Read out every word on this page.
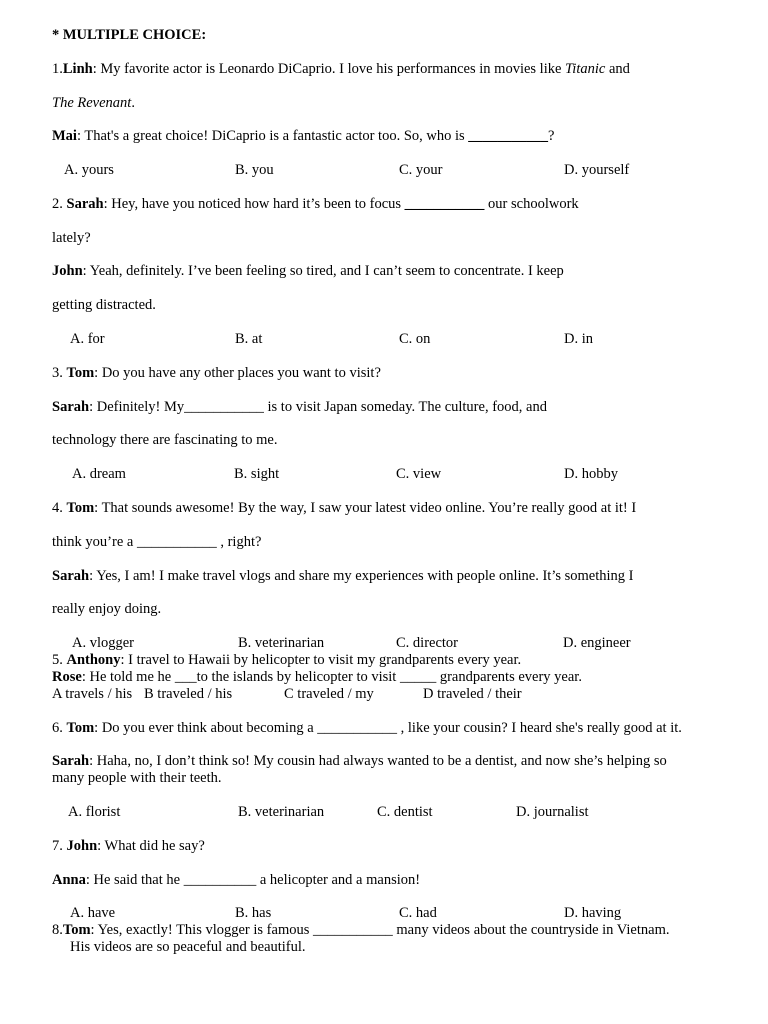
* MULTIPLE CHOICE:
1.Linh: My favorite actor is Leonardo DiCaprio. I love his performances in movies like Titanic and
The Revenant.
Mai: That's a great choice! DiCaprio is a fantastic actor too. So, who is ___________?
A. yours	B. you	C. your	D. yourself
2. Sarah: Hey, have you noticed how hard it’s been to focus ___________ our schoolwork
lately?
John: Yeah, definitely. I’ve been feeling so tired, and I can’t seem to concentrate. I keep
getting distracted.
A. for	B. at	C. on	D. in
3. Tom: Do you have any other places you want to visit?
Sarah: Definitely! My___________ is to visit Japan someday. The culture, food, and
technology there are fascinating to me.
A. dream	B. sight	C. view	D. hobby
4. Tom: That sounds awesome! By the way, I saw your latest video online. You’re really good at it! I
think you’re a ___________ , right?
Sarah: Yes, I am! I make travel vlogs and share my experiences with people online. It’s something I
really enjoy doing.
A. vlogger	B. veterinarian	C. director	D. engineer
5. Anthony: I travel to Hawaii by helicopter to visit my grandparents every year.
Rose: He told me he ___to the islands by helicopter to visit _____ grandparents every year.
A travels / his B traveled / his	C traveled / my	D traveled / their
6. Tom: Do you ever think about becoming a ___________ , like your cousin? I heard she's really good at it.
Sarah: Haha, no, I don’t think so! My cousin had always wanted to be a dentist, and now she’s helping so
many people with their teeth.
A. florist	B. veterinarian	C. dentist	D. journalist
7. John: What did he say?
Anna: He said that he __________ a helicopter and a mansion!
A. have	B. has	C. had	D. having
8.Tom: Yes, exactly! This vlogger is famous ___________ many videos about the countryside in Vietnam.
His videos are so peaceful and beautiful.
